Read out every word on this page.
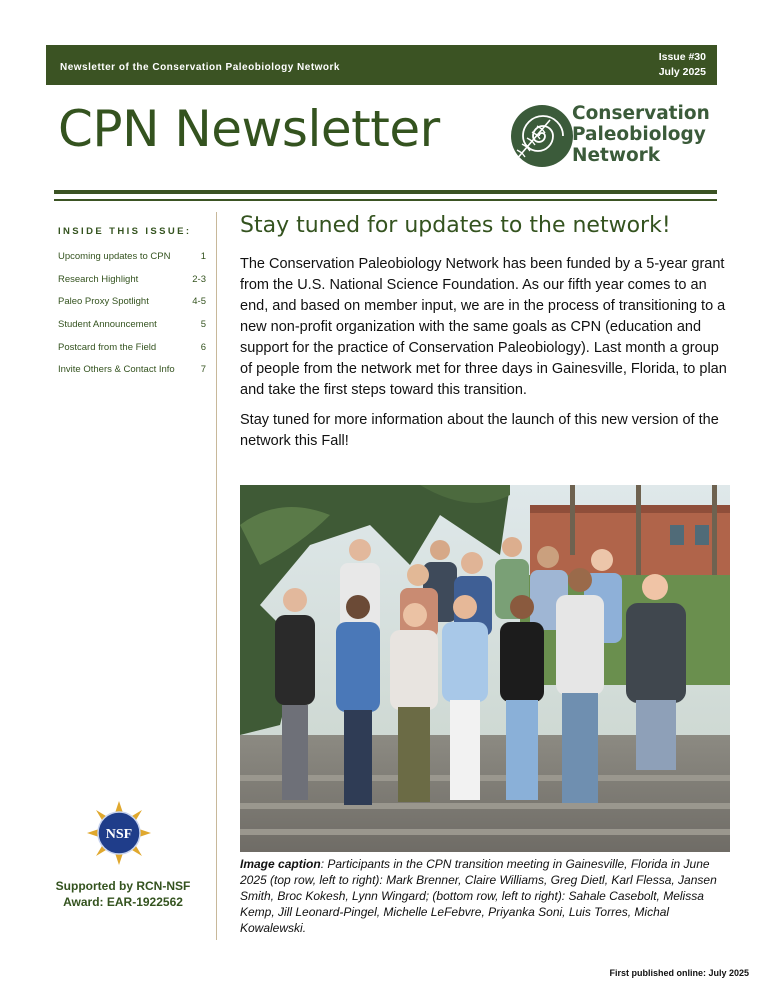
Newsletter of the Conservation Paleobiology Network
Issue #30
July 2025
CPN Newsletter	Conservation
Paleobiology
Network
INSIDE THIS ISSUE:
Upcoming updates to CPN	1
Research Highlight	2-3
Paleo Proxy Spotlight	4-5
Student Announcement	5
Postcard from the Field	6
Invite Others & Contact Info	7
Stay tuned for updates to the network!
The Conservation Paleobiology Network has been funded by a 5-year grant from the U.S. National Science Foundation. As our fifth year comes to an end, and based on member input, we are in the process of transitioning to a new non-profit organization with the same goals as CPN (education and support for the practice of Conservation Paleobiology). Last month a group of people from the network met for three days in Gainesville, Florida, to plan and take the first steps toward this transition.
Stay tuned for more information about the launch of this new version of the network this Fall!
Image caption: Participants in the CPN transition meeting in Gainesville, Florida in June 2025 (top row, left to right): Mark Brenner, Claire Williams, Greg Dietl, Karl Flessa, Jansen Smith, Broc Kokesh, Lynn Wingard; (bottom row, left to right): Sahale Casebolt, Melissa Kemp, Jill Leonard-Pingel, Michelle LeFebvre, Priyanka Soni, Luis Torres, Michal Kowalewski.
NSF
Supported by RCN-NSF
Award: EAR-1922562
First published online: July 2025
